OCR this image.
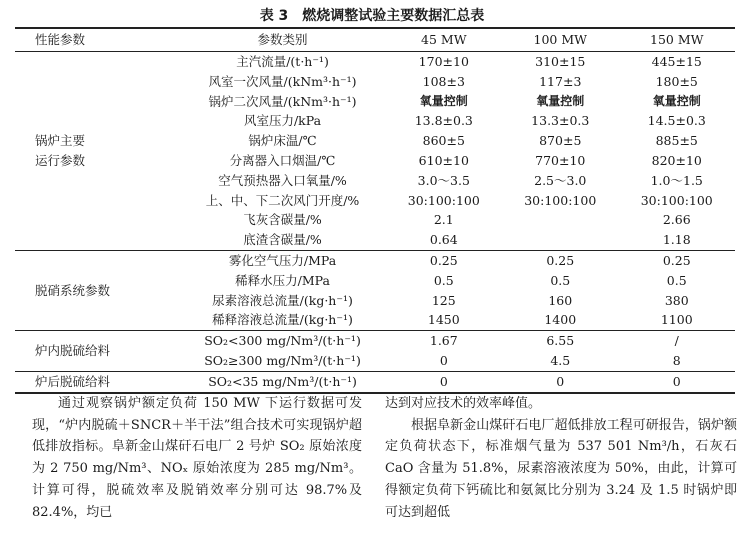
表 3　燃烧调整试验主要数据汇总表
性能参数	参数类别	45 MW	100 MW	150 MW

锅炉主要
运行参数	主汽流量/(t·h⁻¹)	170±10	310±15	445±15
	风室一次风量/(kNm³·h⁻¹)	108±3	117±3	180±5
	锅炉二次风量/(kNm³·h⁻¹)	氧量控制	氧量控制	氧量控制
	风室压力/kPa	13.8±0.3	13.3±0.3	14.5±0.3
	锅炉床温/℃	860±5	870±5	885±5
	分离器入口烟温/℃	610±10	770±10	820±10
	空气预热器入口氧量/%	3.0～3.5	2.5～3.0	1.0～1.5
	上、中、下二次风门开度/%	30:100:100	30:100:100	30:100:100
	飞灰含碳量/%	2.1		2.66
	底渣含碳量/%	0.64		1.18
脱硝系统参数	雾化空气压力/MPa	0.25	0.25	0.25
	稀释水压力/MPa	0.5	0.5	0.5
	尿素溶液总流量/(kg·h⁻¹)	125	160	380
	稀释溶液总流量/(kg·h⁻¹)	1450	1400	1100
炉内脱硫给料	SO₂<300 mg/Nm³/(t·h⁻¹)	1.67	6.55	/
	SO₂≥300 mg/Nm³/(t·h⁻¹)	0	4.5	8
炉后脱硫给料	SO₂<35 mg/Nm³/(t·h⁻¹)	0	0	0

通过观察锅炉额定负荷 150 MW 下运行数据可发现，“炉内脱硫＋SNCR＋半干法”组合技术可实现锅炉超低排放指标。阜新金山煤矸石电厂 2 号炉 SO₂ 原始浓度为 2 750 mg/Nm³、NOₓ 原始浓度为 285 mg/Nm³。计算可得，脱硫效率及脱销效率分别可达 98.7%及 82.4%，均已

达到对应技术的效率峰值。

根据阜新金山煤矸石电厂超低排放工程可研报告，锅炉额定负荷状态下，标准烟气量为 537 501 Nm³/h，石灰石 CaO 含量为 51.8%，尿素溶液浓度为 50%，由此，计算可得额定负荷下钙硫比和氨氮比分别为 3.24 及 1.5 时锅炉即可达到超低
